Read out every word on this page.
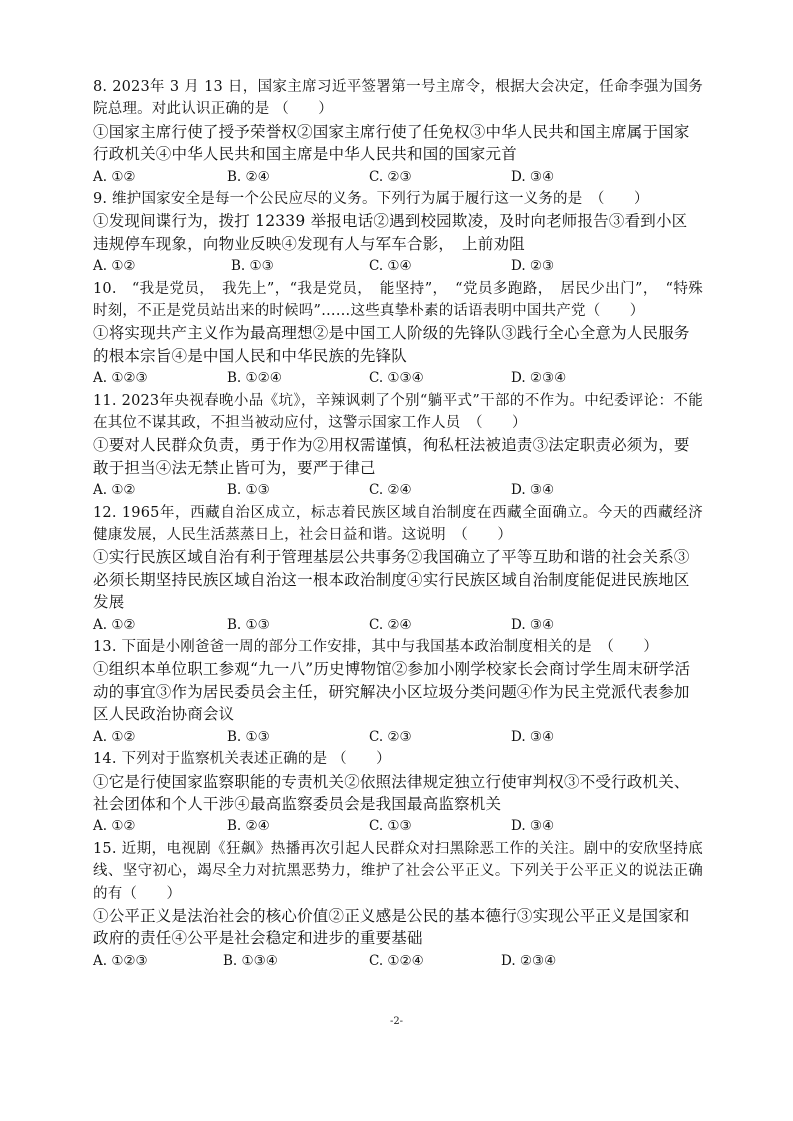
8. 2023年 3 月 13 日，国家主席习近平签署第一号主席令，根据大会决定，任命李强为国务院总理。对此认识正确的是 （　　）

①国家主席行使了授予荣誉权②国家主席行使了任免权③中华人民共和国主席属于国家行政机关④中华人民共和国主席是中华人民共和国的国家元首

A. ①②	B. ②④	C. ②③	D. ③④

9. 维护国家安全是每一个公民应尽的义务。下列行为属于履行这一义务的是　（　　）

①发现间谍行为，拨打 12339 举报电话②遇到校园欺凌，及时向老师报告③看到小区违规停车现象，向物业反映④发现有人与军车合影，　上前劝阻

A. ①②	B. ①③	C. ①④	D. ②③

10.　“我是党员，　我先上”，“我是党员，　能坚持”，　“党员多跑路，　居民少出门”，　“特殊时刻，不正是党员站出来的时候吗”……这些真挚朴素的话语表明中国共产党（　　）

①将实现共产主义作为最高理想②是中国工人阶级的先锋队③践行全心全意为人民服务的根本宗旨④是中国人民和中华民族的先锋队

A. ①②③	B. ①②④	C. ①③④	D. ②③④

11. 2023年央视春晚小品《坑》，辛辣讽刺了个别“躺平式”干部的不作为。中纪委评论：不能在其位不谋其政，不担当被动应付，这警示国家工作人员　（　　）

①要对人民群众负责，勇于作为②用权需谨慎，徇私枉法被追责③法定职责必须为，要敢于担当④法无禁止皆可为，要严于律己

A. ①②	B. ①③	C. ②④	D. ③④

12. 1965年，西藏自治区成立，标志着民族区域自治制度在西藏全面确立。今天的西藏经济健康发展，人民生活蒸蒸日上，社会日益和谐。这说明　（　　）

①实行民族区域自治有利于管理基层公共事务②我国确立了平等互助和谐的社会关系③必须长期坚持民族区域自治这一根本政治制度④实行民族区域自治制度能促进民族地区发展

A. ①②	B. ①③	C. ②④	D. ③④

13. 下面是小刚爸爸一周的部分工作安排，其中与我国基本政治制度相关的是　（　　）

①组织本单位职工参观“九一八”历史博物馆②参加小刚学校家长会商讨学生周末研学活动的事宜③作为居民委员会主任，研究解决小区垃圾分类问题④作为民主党派代表参加区人民政治协商会议

A. ①②	B. ①③	C. ②③	D. ③④

14. 下列对于监察机关表述正确的是 （　　）

①它是行使国家监察职能的专责机关②依照法律规定独立行使审判权③不受行政机关、社会团体和个人干涉④最高监察委员会是我国最高监察机关

A. ①②	B. ②④	C. ①③	D. ③④

15. 近期，电视剧《狂飙》热播再次引起人民群众对扫黑除恶工作的关注。剧中的安欣坚持底线、坚守初心，竭尽全力对抗黑恶势力，维护了社会公平正义。下列关于公平正义的说法正确的有（　　）

①公平正义是法治社会的核心价值②正义感是公民的基本德行③实现公平正义是国家和政府的责任④公平是社会稳定和进步的重要基础

A. ①②③	B. ①③④	C. ①②④	D. ②③④
-2-
